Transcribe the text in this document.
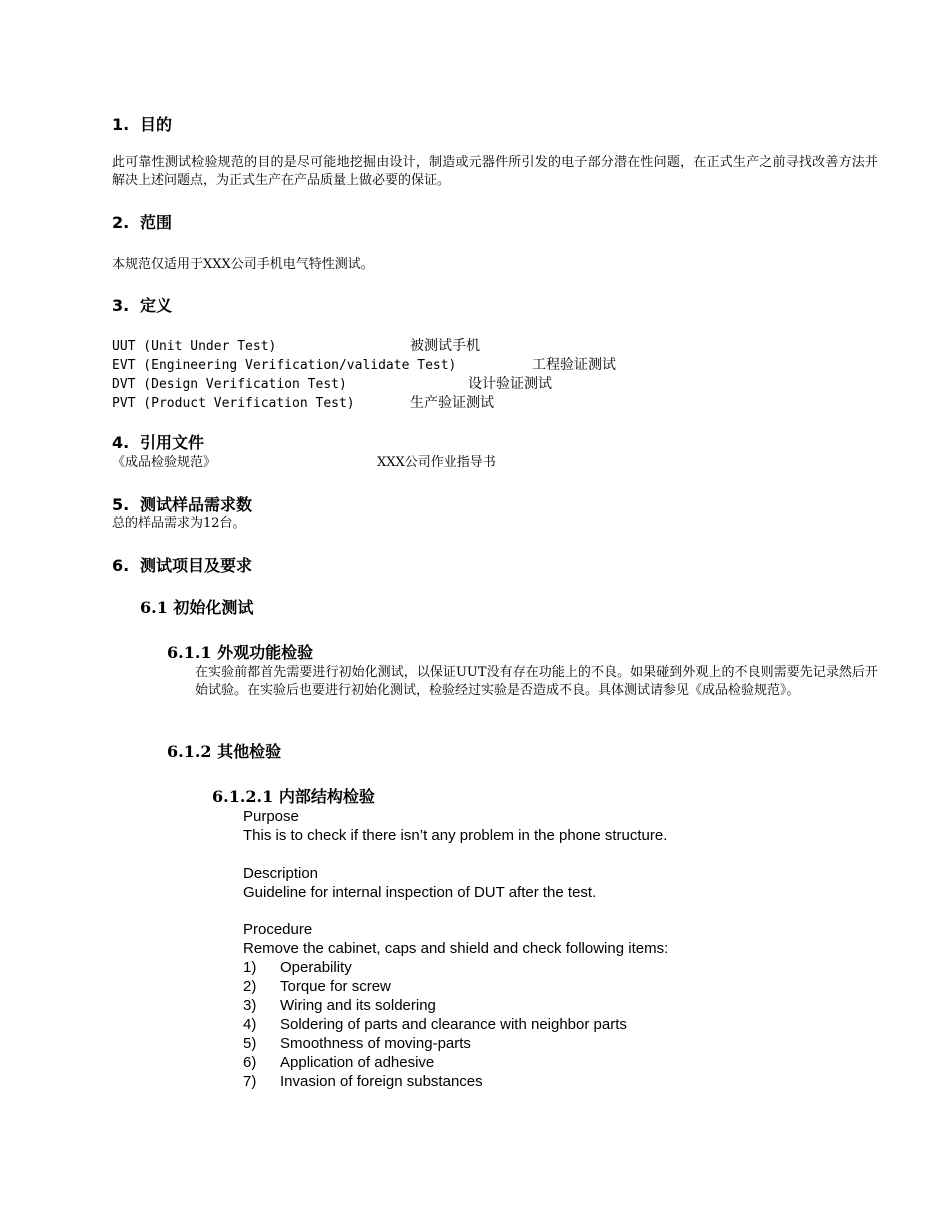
1. 目的
此可靠性测试检验规范的目的是尽可能地挖掘由设计，制造或元器件所引发的电子部分潜在性问题，在正式生产之前寻找改善方法并解决上述问题点，为正式生产在产品质量上做必要的保证。
2. 范围
本规范仅适用于XXX公司手机电气特性测试。
3. 定义
UUT (Unit Under Test)	被测试手机
EVT (Engineering Verification/validate Test)	工程验证测试
DVT (Design Verification Test)	设计验证测试
PVT (Product Verification Test)	生产验证测试
4. 引用文件
《成品检验规范》	XXX公司作业指导书
5. 测试样品需求数
总的样品需求为12台。
6. 测试项目及要求
6.1 初始化测试
6.1.1 外观功能检验
在实验前都首先需要进行初始化测试，以保证UUT没有存在功能上的不良。如果碰到外观上的不良则需要先记录然后开始试验。在实验后也要进行初始化测试，检验经过实验是否造成不良。具体测试请参见《成品检验规范》。
6.1.2 其他检验
6.1.2.1 内部结构检验
Purpose
This is to check if there isn’t any problem in the phone structure.
Description
Guideline for internal inspection of DUT after the test.
Procedure
Remove the cabinet, caps and shield and check following items:
1) Operability
2) Torque for screw
3) Wiring and its soldering
4) Soldering of parts and clearance with neighbor parts
5) Smoothness of moving-parts
6) Application of adhesive
7) Invasion of foreign substances
